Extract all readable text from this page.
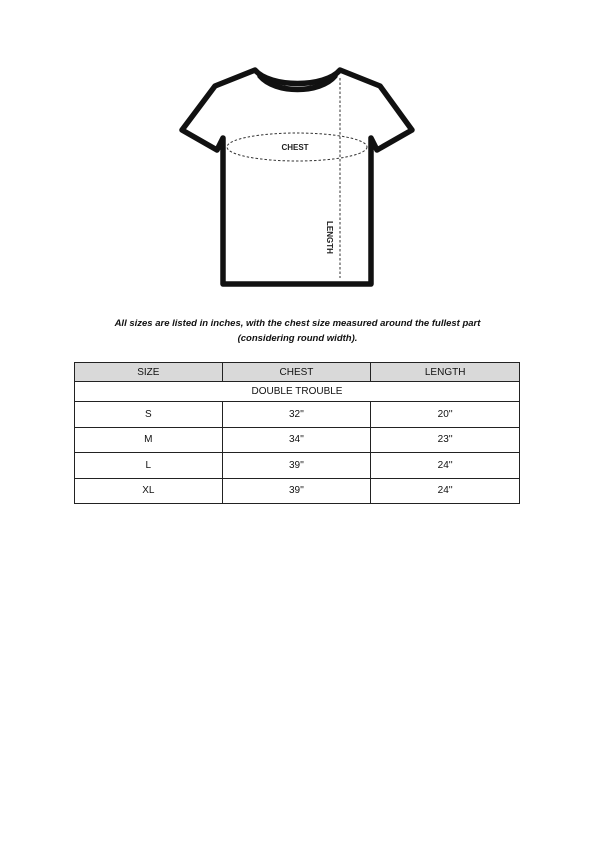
CHEST
LENGTH
All sizes are listed in inches, with the chest size measured around the fullest part
(considering round width).
SIZE	CHEST	LENGTH
DOUBLE TROUBLE		
S	32''	20''
M	34''	23''
L	39''	24''
XL	39''	24''
